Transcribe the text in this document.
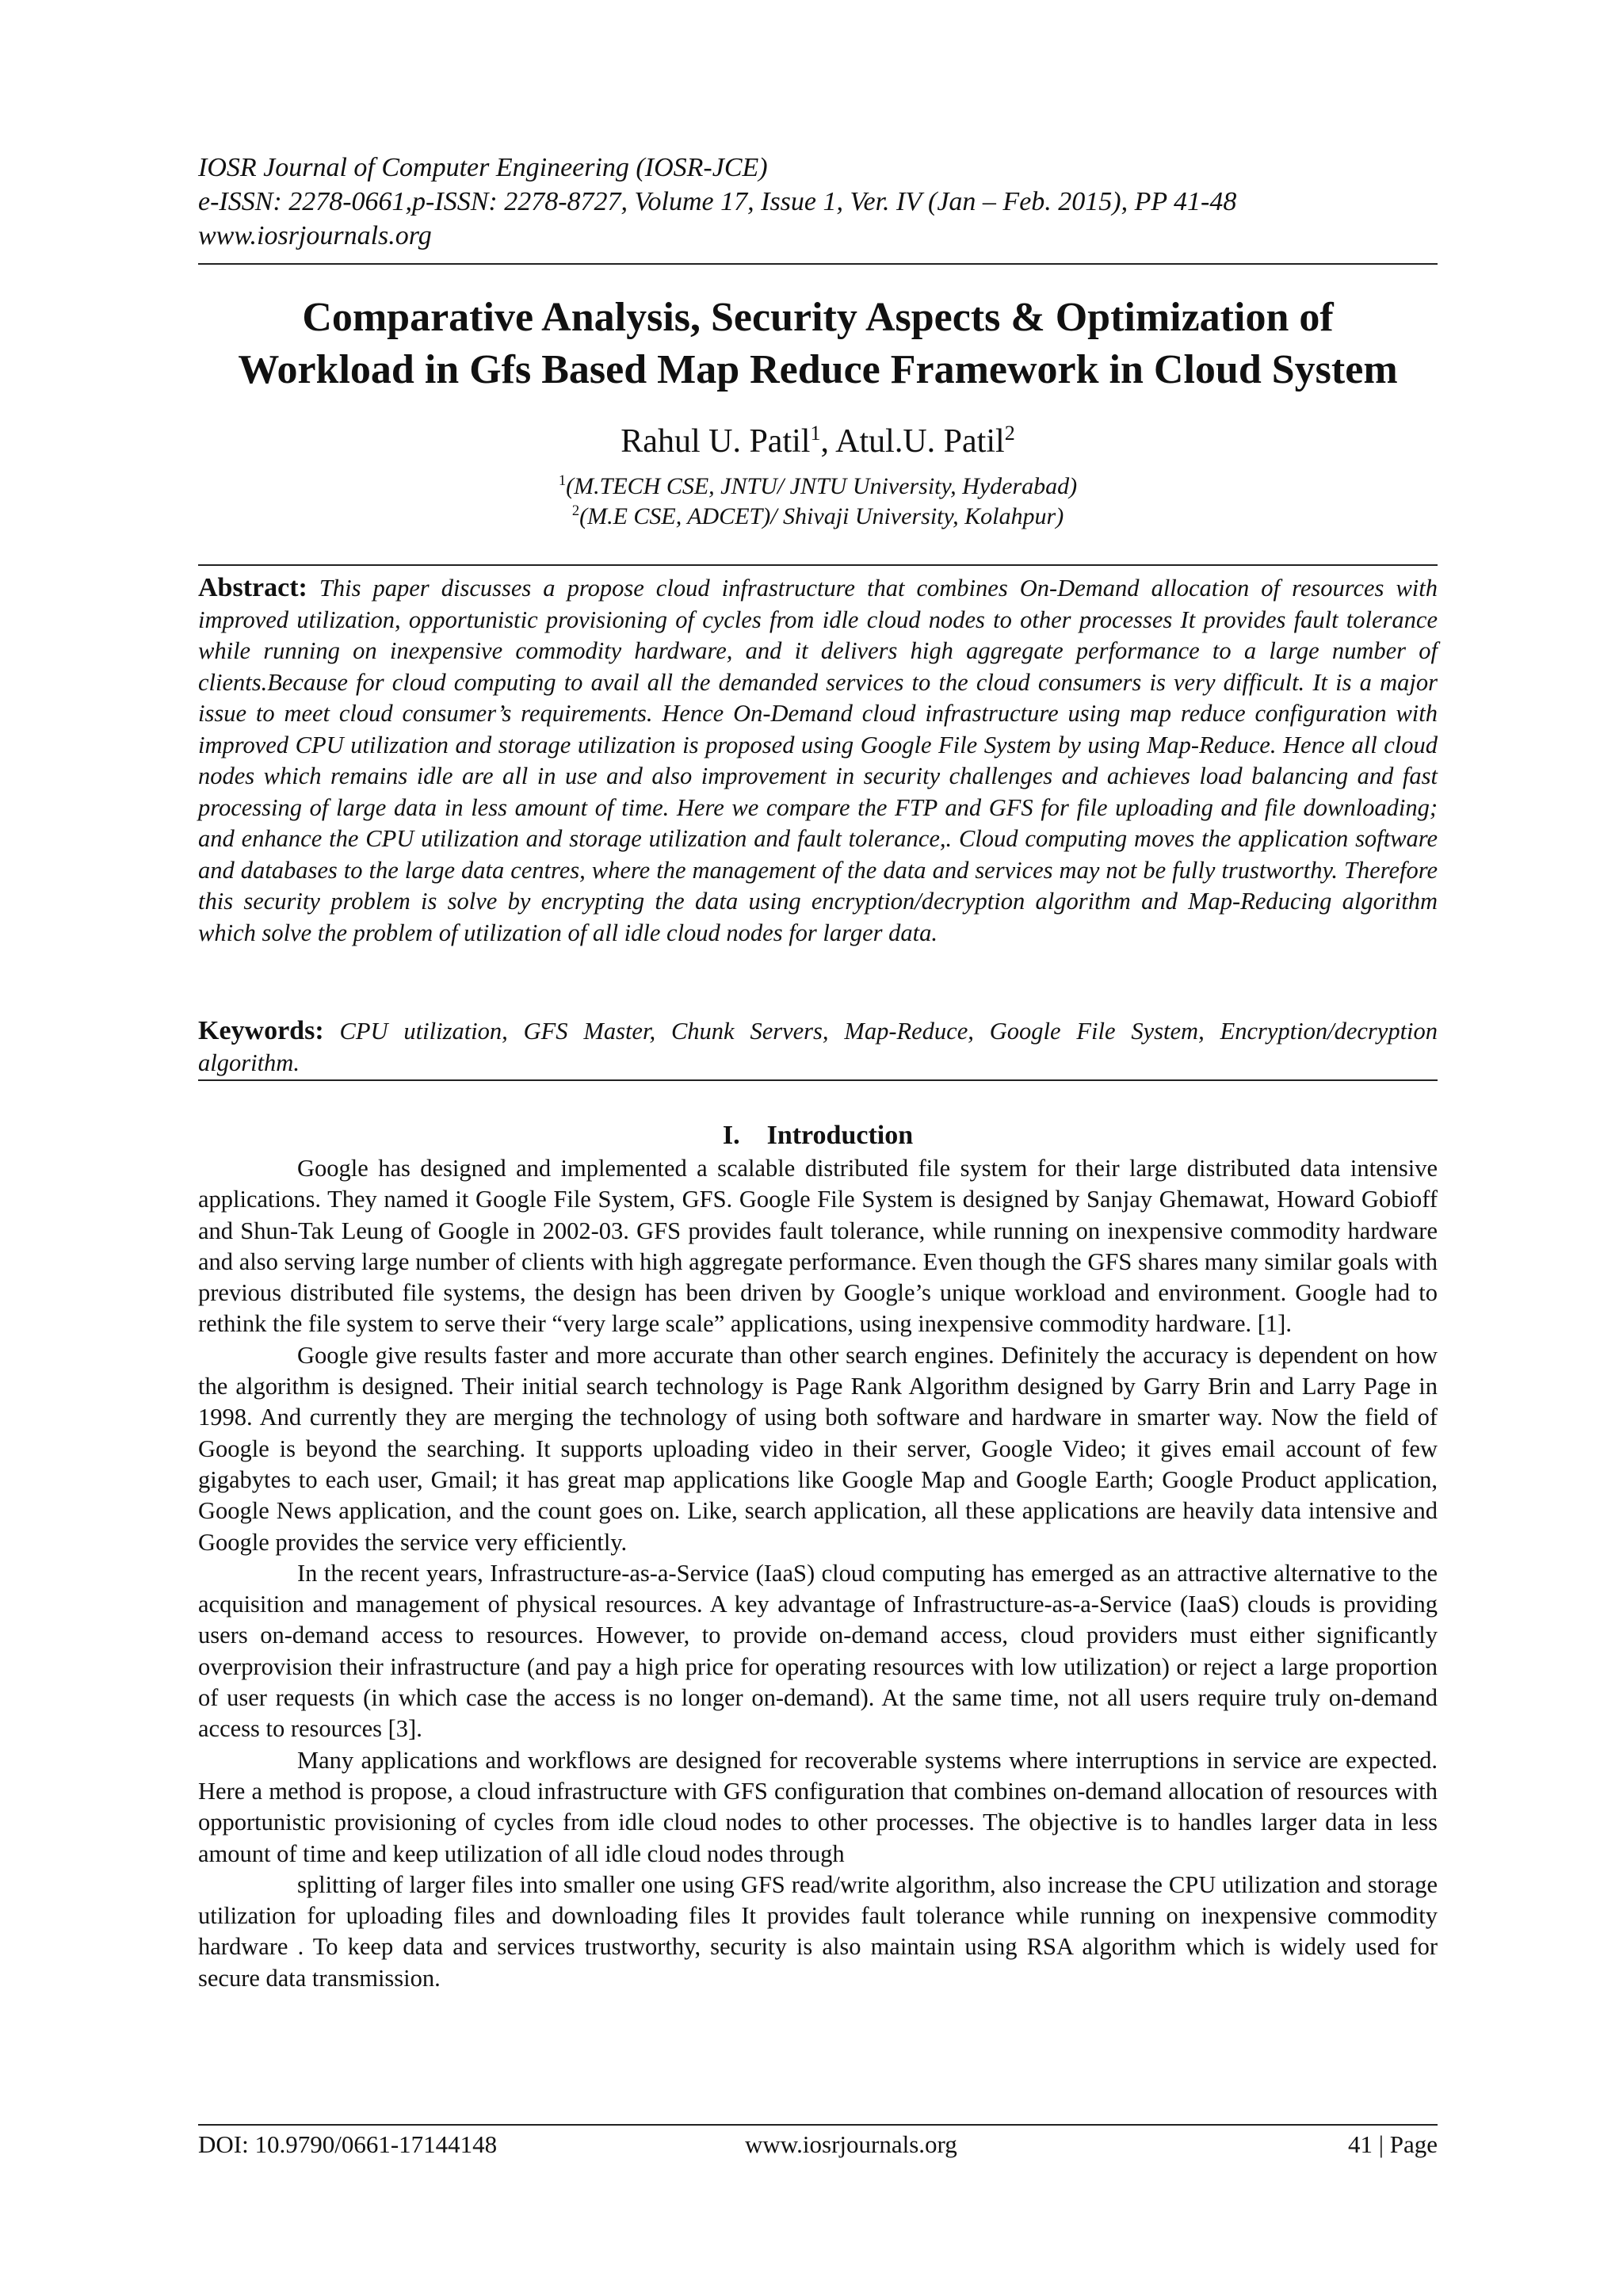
IOSR Journal of Computer Engineering (IOSR-JCE)
e-ISSN: 2278-0661,p-ISSN: 2278-8727, Volume 17, Issue 1, Ver. IV (Jan – Feb. 2015), PP 41-48
www.iosrjournals.org
Comparative Analysis, Security Aspects & Optimization of
Workload in Gfs Based Map Reduce Framework in Cloud System
Rahul U. Patil$^1$, Atul.U. Patil$^2$
$^1$(M.TECH CSE, JNTU/ JNTU University, Hyderabad)
$^2$(M.E CSE, ADCET)/ Shivaji University, Kolahpur)
Abstract: This paper discusses a propose cloud infrastructure that combines On-Demand allocation of resources with improved utilization, opportunistic provisioning of cycles from idle cloud nodes to other processes It provides fault tolerance while running on inexpensive commodity hardware, and it delivers high aggregate performance to a large number of clients.Because for cloud computing to avail all the demanded services to the cloud consumers is very difficult. It is a major issue to meet cloud consumer’s requirements. Hence On-Demand cloud infrastructure using map reduce configuration with improved CPU utilization and storage utilization is proposed using Google File System by using Map-Reduce. Hence all cloud nodes which remains idle are all in use and also improvement in security challenges and achieves load balancing and fast processing of large data in less amount of time. Here we compare the FTP and GFS for file uploading and file downloading; and enhance the CPU utilization and storage utilization and fault tolerance,. Cloud computing moves the application software and databases to the large data centres, where the management of the data and services may not be fully trustworthy. Therefore this security problem is solve by encrypting the data using encryption/decryption algorithm and Map-Reducing algorithm which solve the problem of utilization of all idle cloud nodes for larger data.
Keywords: CPU utilization, GFS Master, Chunk Servers, Map-Reduce, Google File System, Encryption/decryption algorithm.
I. Introduction

Google has designed and implemented a scalable distributed file system for their large distributed data intensive applications. They named it Google File System, GFS. Google File System is designed by Sanjay Ghemawat, Howard Gobioff and Shun-Tak Leung of Google in 2002-03. GFS provides fault tolerance, while running on inexpensive commodity hardware and also serving large number of clients with high aggregate performance. Even though the GFS shares many similar goals with previous distributed file systems, the design has been driven by Google’s unique workload and environment. Google had to rethink the file system to serve their “very large scale” applications, using inexpensive commodity hardware. [1].

Google give results faster and more accurate than other search engines. Definitely the accuracy is dependent on how the algorithm is designed. Their initial search technology is Page Rank Algorithm designed by Garry Brin and Larry Page in 1998. And currently they are merging the technology of using both software and hardware in smarter way. Now the field of Google is beyond the searching. It supports uploading video in their server, Google Video; it gives email account of few gigabytes to each user, Gmail; it has great map applications like Google Map and Google Earth; Google Product application, Google News application, and the count goes on. Like, search application, all these applications are heavily data intensive and Google provides the service very efficiently.

In the recent years, Infrastructure-as-a-Service (IaaS) cloud computing has emerged as an attractive alternative to the acquisition and management of physical resources. A key advantage of Infrastructure-as-a-Service (IaaS) clouds is providing users on-demand access to resources. However, to provide on-demand access, cloud providers must either significantly overprovision their infrastructure (and pay a high price for operating resources with low utilization) or reject a large proportion of user requests (in which case the access is no longer on-demand). At the same time, not all users require truly on-demand access to resources [3].

Many applications and workflows are designed for recoverable systems where interruptions in service are expected. Here a method is propose, a cloud infrastructure with GFS configuration that combines on-demand allocation of resources with opportunistic provisioning of cycles from idle cloud nodes to other processes. The objective is to handles larger data in less amount of time and keep utilization of all idle cloud nodes through

splitting of larger files into smaller one using GFS read/write algorithm, also increase the CPU utilization and storage utilization for uploading files and downloading files It provides fault tolerance while running on inexpensive commodity hardware . To keep data and services trustworthy, security is also maintain using RSA algorithm which is widely used for secure data transmission.

DOI: 10.9790/0661-17144148	www.iosrjournals.org	41 | Page
